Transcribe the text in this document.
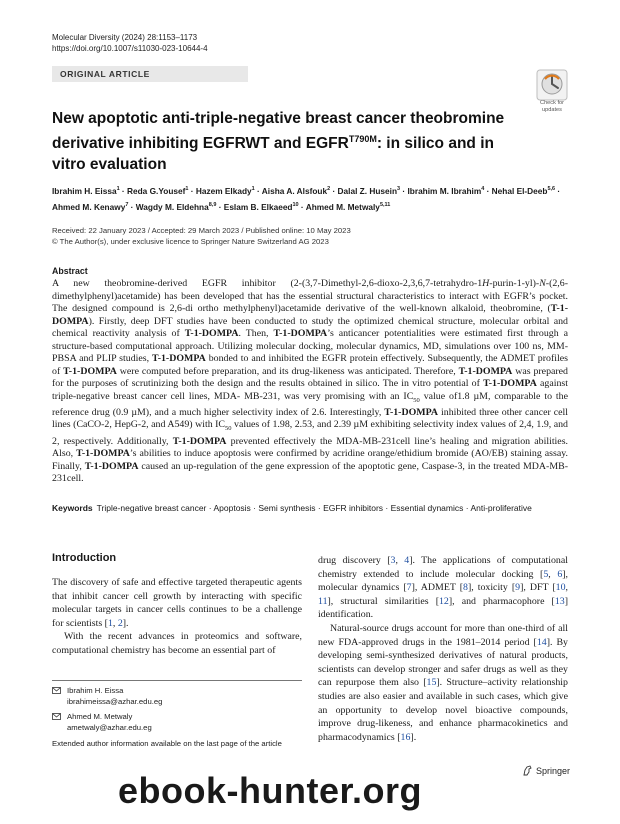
Molecular Diversity (2024) 28:1153–1173
https://doi.org/10.1007/s11030-023-10644-4
ORIGINAL ARTICLE
Check for
updates
New apoptotic anti-triple-negative breast cancer theobromine derivative inhibiting EGFRWT and $EGFR^{T790M}$: in silico and in vitro evaluation
Ibrahim H. Eissa$^1$ · Reda G.Yousef$^1$ · Hazem Elkady$^1$ · Aisha A. Alsfouk$^2$ · Dalal Z. Husein$^3$ · Ibrahim M. Ibrahim$^4$ · Nehal El-Deeb$^{5,6}$ · Ahmed M. Kenawy$^7$ · Wagdy M. Eldehna$^{8,9}$ · Eslam B. Elkaeed$^{10}$ · Ahmed M. Metwaly$^{5,11}$
Received: 22 January 2023 / Accepted: 29 March 2023 / Published online: 10 May 2023
© The Author(s), under exclusive licence to Springer Nature Switzerland AG 2023
Abstract
A new theobromine-derived EGFR inhibitor (2-(3,7-Dimethyl-2,6-dioxo-2,3,6,7-tetrahydro-1H-purin-1-yl)-N-(2,6-dimethylphenyl)acetamide) has been developed that has the essential structural characteristics to interact with EGFR’s pocket. The designed compound is 2,6-di ortho methylphenyl)acetamide derivative of the well-known alkaloid, theobromine, (T-1-DOMPA). Firstly, deep DFT studies have been conducted to study the optimized chemical structure, molecular orbital and chemical reactivity analysis of T-1-DOMPA. Then, T-1-DOMPA’s anticancer potentialities were estimated first through a structure-based computational approach. Utilizing molecular docking, molecular dynamics, MD, simulations over 100 ns, MM-PBSA and PLIP studies, T-1-DOMPA bonded to and inhibited the EGFR protein effectively. Subsequently, the ADMET profiles of T-1-DOMPA were computed before preparation, and its drug-likeness was anticipated. Therefore, T-1-DOMPA was prepared for the purposes of scrutinizing both the design and the results obtained in silico. The in vitro potential of T-1-DOMPA against triple-negative breast cancer cell lines, MDA- MB-231, was very promising with an $IC_{50}$ value of1.8 µM, comparable to the reference drug (0.9 µM), and a much higher selectivity index of 2.6. Interestingly, T-1-DOMPA inhibited three other cancer cell lines (CaCO-2, HepG-2, and A549) with $IC_{50}$ values of 1.98, 2.53, and 2.39 µM exhibiting selectivity index values of 2,4, 1.9, and 2, respectively. Additionally, T-1-DOMPA prevented effectively the MDA-MB-231cell line’s healing and migration abilities. Also, T-1-DOMPA’s abilities to induce apoptosis were confirmed by acridine orange/ethidium bromide (AO/EB) staining assay. Finally, T-1-DOMPA caused an up-regulation of the gene expression of the apoptotic gene, Caspase-3, in the treated MDA-MB-231cell.
Keywords Triple-negative breast cancer · Apoptosis · Semi synthesis · EGFR inhibitors · Essential dynamics · Anti-proliferative
Introduction

The discovery of safe and effective targeted therapeutic agents that inhibit cancer cell growth by interacting with specific molecular targets in cancer cells continues to be a challenge for scientists [1, 2].

With the recent advances in proteomics and software, computational chemistry has become an essential part of

drug discovery [3, 4]. The applications of computational chemistry extended to include molecular docking [5, 6], molecular dynamics [7], ADMET [8], toxicity [9], DFT [10, 11], structural similarities [12], and pharmacophore [13] identification.

Natural-source drugs account for more than one-third of all new FDA-approved drugs in the 1981–2014 period [14]. By developing semi-synthesized derivatives of natural products, scientists can develop stronger and safer drugs as well as they can repurpose them also [15]. Structure–activity relationship studies are also easier and available in such cases, which give an opportunity to develop novel bioactive compounds, improve drug-likeness, and enhance pharmacokinetics and pharmacodynamics [16].

Ibrahim H. Eissa
ibrahimeissa@azhar.edu.eg
Ahmed M. Metwaly
ametwaly@azhar.edu.eg
Extended author information available on the last page of the article
Springer
ebook-hunter.org
